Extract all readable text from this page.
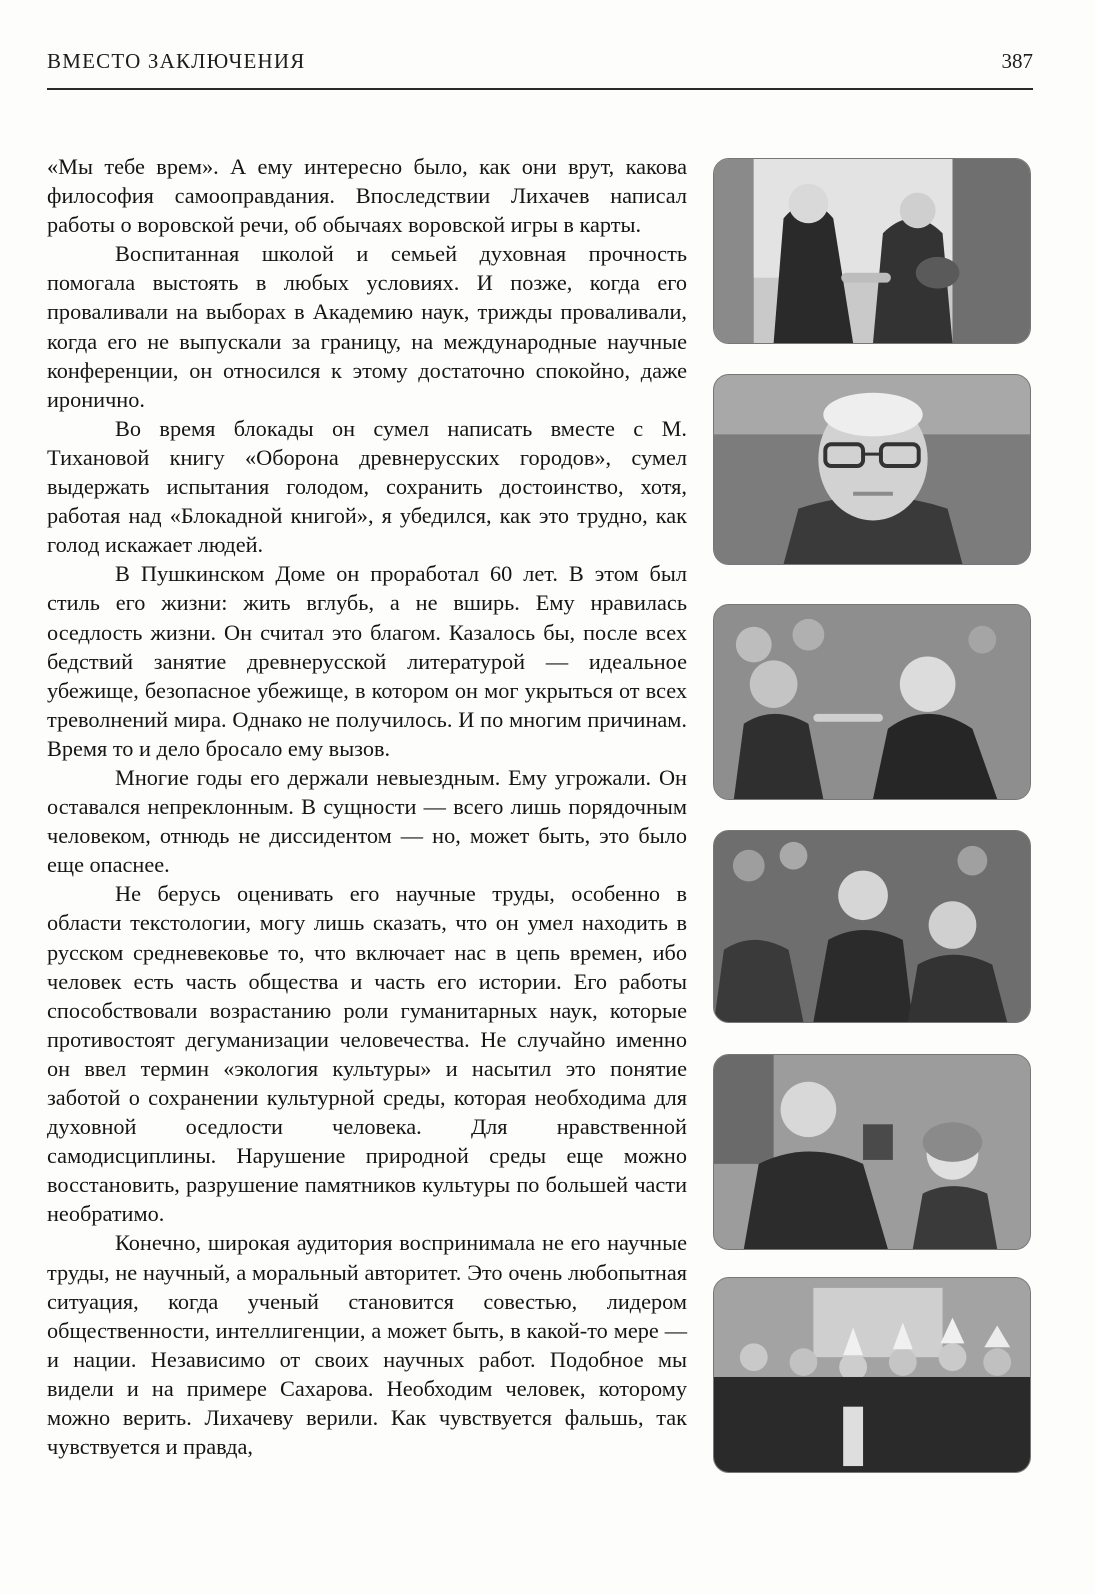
ВМЕСТО ЗАКЛЮЧЕНИЯ	387

«Мы тебе врем». А ему интересно было, как они врут, какова философия самооправдания. Впоследствии Лихачев написал работы о воровской речи, об обычаях воровской игры в карты.

Воспитанная школой и семьей духовная прочность помогала выстоять в любых условиях. И позже, когда его проваливали на выборах в Академию наук, трижды проваливали, когда его не выпускали за границу, на международные научные конференции, он относился к этому достаточно спокойно, даже иронично.

Во время блокады он сумел написать вместе с М. Тихановой книгу «Оборона древнерусских городов», сумел выдержать испытания голодом, сохранить достоинство, хотя, работая над «Блокадной книгой», я убедился, как это трудно, как голод искажает людей.

В Пушкинском Доме он проработал 60 лет. В этом был стиль его жизни: жить вглубь, а не вширь. Ему нравилась оседлость жизни. Он считал это благом. Казалось бы, после всех бедствий занятие древнерусской литературой — идеальное убежище, безопасное убежище, в котором он мог укрыться от всех треволнений мира. Однако не получилось. И по многим причинам. Время то и дело бросало ему вызов.

Многие годы его держали невыездным. Ему угрожали. Он оставался непреклонным. В сущности — всего лишь порядочным человеком, отнюдь не диссидентом — но, может быть, это было еще опаснее.

Не берусь оценивать его научные труды, особенно в области текстологии, могу лишь сказать, что он умел находить в русском средневековье то, что включает нас в цепь времен, ибо человек есть часть общества и часть его истории. Его работы способствовали возрастанию роли гуманитарных наук, которые противостоят дегуманизации человечества. Не случайно именно он ввел термин «экология культуры» и насытил это понятие заботой о сохранении культурной среды, которая необходима для духовной оседлости человека. Для нравственной самодисциплины. Нарушение природной среды еще можно восстановить, разрушение памятников культуры по большей части необратимо.

Конечно, широкая аудитория воспринимала не его научные труды, не научный, а моральный авторитет. Это очень любопытная ситуация, когда ученый становится совестью, лидером общественности, интеллигенции, а может быть, в какой-то мере — и нации. Независимо от своих научных работ. Подобное мы видели и на примере Сахарова. Необходим человек, которому можно верить. Лихачеву верили. Как чувствуется фальшь, так чувствуется и правда,
